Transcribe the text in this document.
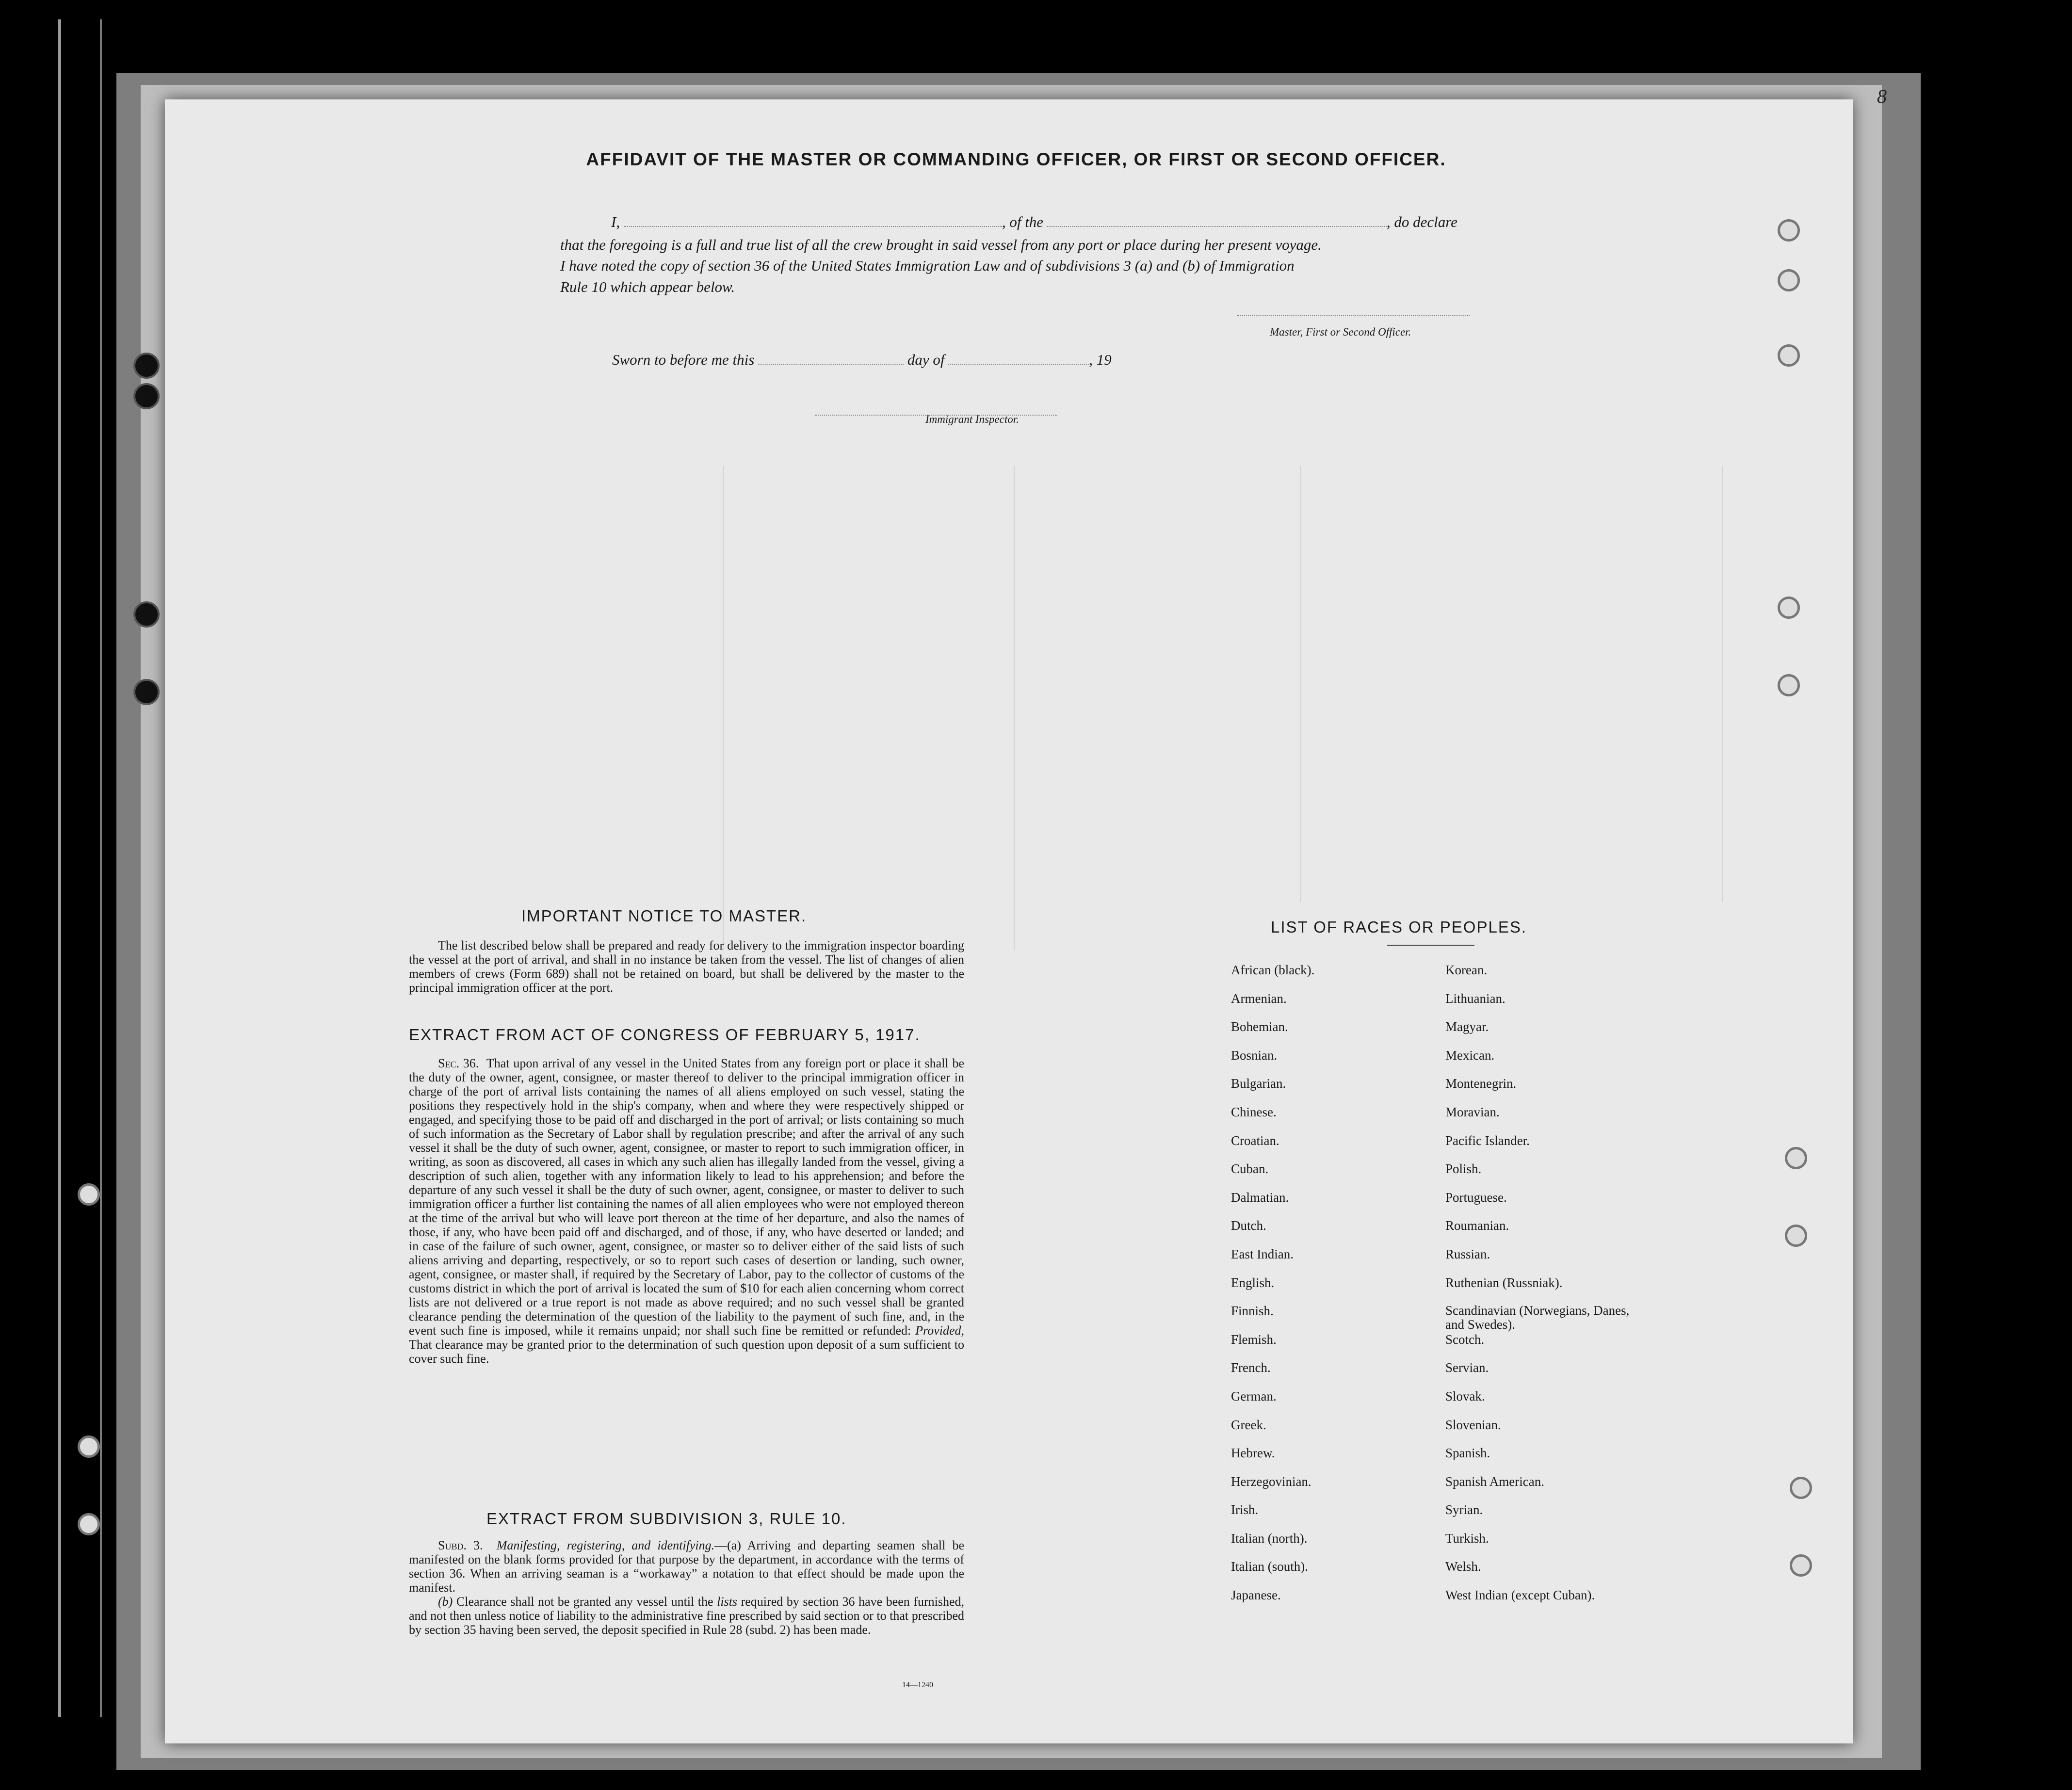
8
AFFIDAVIT OF THE MASTER OR COMMANDING OFFICER, OR FIRST OR SECOND OFFICER.
I,	, of the	, do declare
that the foregoing is a full and true list of all the crew brought in said vessel from any port or place during her present voyage.
I have noted the copy of section 36 of the United States Immigration Law and of subdivisions 3 (a) and (b) of Immigration
Rule 10 which appear below.
Master, First or Second Officer.
Sworn to before me this	day of	, 19
Immigrant Inspector.
IMPORTANT NOTICE TO MASTER.

The list described below shall be prepared and ready for delivery to the immigration inspector boarding the vessel at the port of arrival, and shall in no instance be taken from the vessel. The list of changes of alien members of crews (Form 689) shall not be retained on board, but shall be delivered by the master to the principal immigration officer at the port.

EXTRACT FROM ACT OF CONGRESS OF FEBRUARY 5, 1917.

Sec. 36. That upon arrival of any vessel in the United States from any foreign port or place it shall be the duty of the owner, agent, consignee, or master thereof to deliver to the principal immigration officer in charge of the port of arrival lists containing the names of all aliens employed on such vessel, stating the positions they respectively hold in the ship's company, when and where they were respectively shipped or engaged, and specifying those to be paid off and discharged in the port of arrival; or lists containing so much of such information as the Secretary of Labor shall by regulation prescribe; and after the arrival of any such vessel it shall be the duty of such owner, agent, consignee, or master to report to such immigration officer, in writing, as soon as discovered, all cases in which any such alien has illegally landed from the vessel, giving a description of such alien, together with any information likely to lead to his apprehension; and before the departure of any such vessel it shall be the duty of such owner, agent, consignee, or master to deliver to such immigration officer a further list containing the names of all alien employees who were not employed thereon at the time of the arrival but who will leave port thereon at the time of her departure, and also the names of those, if any, who have been paid off and discharged, and of those, if any, who have deserted or landed; and in case of the failure of such owner, agent, consignee, or master so to deliver either of the said lists of such aliens arriving and departing, respectively, or so to report such cases of desertion or landing, such owner, agent, consignee, or master shall, if required by the Secretary of Labor, pay to the collector of customs of the customs district in which the port of arrival is located the sum of $10 for each alien concerning whom correct lists are not delivered or a true report is not made as above required; and no such vessel shall be granted clearance pending the determination of the question of the liability to the payment of such fine, and, in the event such fine is imposed, while it remains unpaid; nor shall such fine be remitted or refunded: Provided, That clearance may be granted prior to the determination of such question upon deposit of a sum sufficient to cover such fine.

EXTRACT FROM SUBDIVISION 3, RULE 10.

Subd. 3. Manifesting, registering, and identifying.—(a) Arriving and departing seamen shall be manifested on the blank forms provided for that purpose by the department, in accordance with the terms of section 36. When an arriving seaman is a “workaway” a notation to that effect should be made upon the manifest.

(b) Clearance shall not be granted any vessel until the lists required by section 36 have been furnished, and not then unless notice of liability to the administrative fine prescribed by said section or to that prescribed by section 35 having been served, the deposit specified in Rule 28 (subd. 2) has been made.

14—1240
LIST OF RACES OR PEOPLES.
African (black).
Armenian.
Bohemian.
Bosnian.
Bulgarian.
Chinese.
Croatian.
Cuban.
Dalmatian.
Dutch.
East Indian.
English.
Finnish.
Flemish.
French.
German.
Greek.
Hebrew.
Herzegovinian.
Irish.
Italian (north).
Italian (south).
Japanese.
Korean.
Lithuanian.
Magyar.
Mexican.
Montenegrin.
Moravian.
Pacific Islander.
Polish.
Portuguese.
Roumanian.
Russian.
Ruthenian (Russniak).
Scandinavian (Norwegians, Danes, and Swedes).
Scotch.
Servian.
Slovak.
Slovenian.
Spanish.
Spanish American.
Syrian.
Turkish.
Welsh.
West Indian (except Cuban).
